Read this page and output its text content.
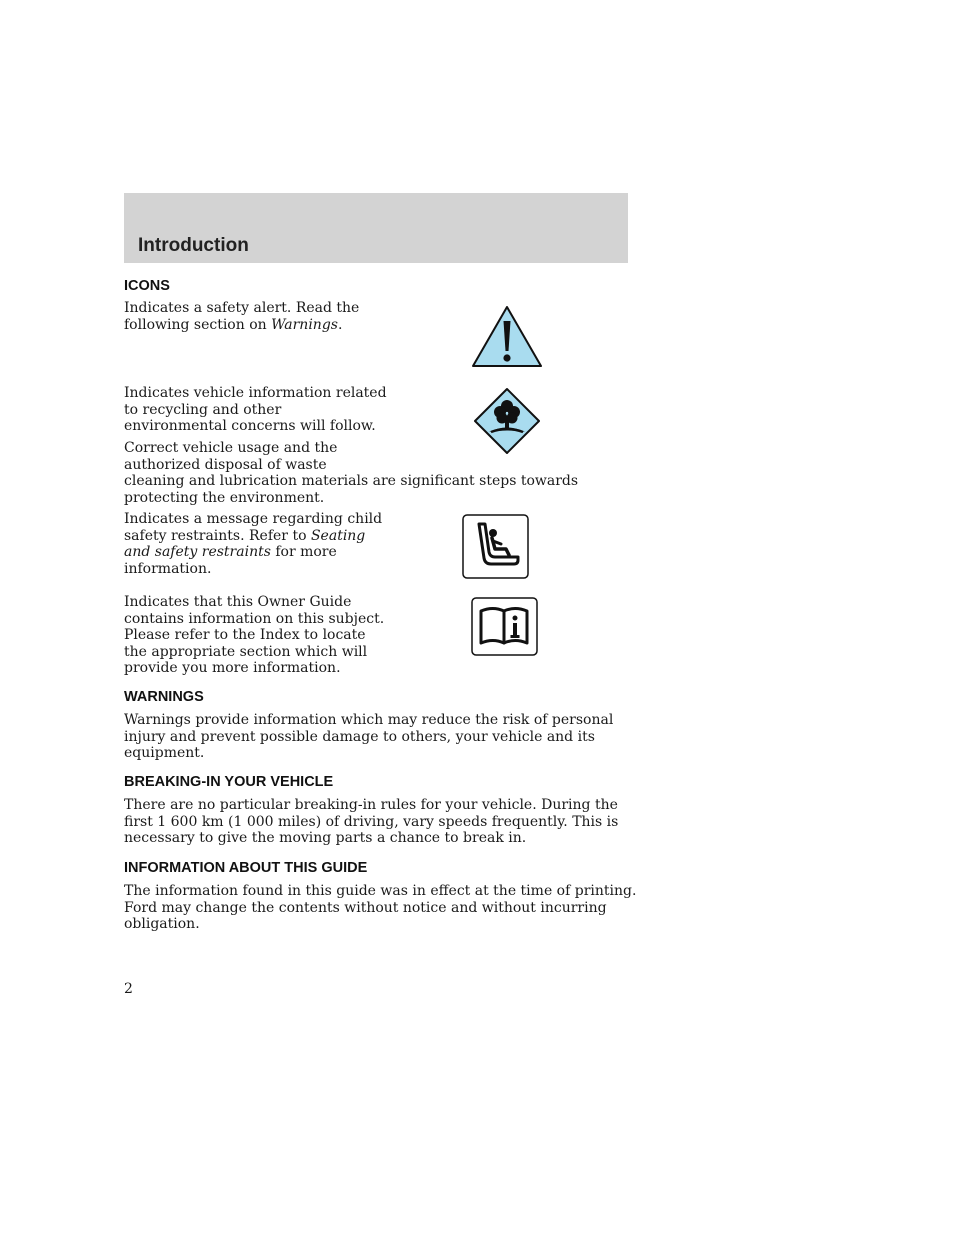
Introduction
ICONS

Indicates a safety alert. Read the
following section on Warnings.

Indicates vehicle information related
to recycling and other
environmental concerns will follow.

Correct vehicle usage and the
authorized disposal of waste
cleaning and lubrication materials are significant steps towards
protecting the environment.

Indicates a message regarding child
safety restraints. Refer to Seating
and safety restraints for more
information.

Indicates that this Owner Guide
contains information on this subject.
Please refer to the Index to locate
the appropriate section which will
provide you more information.

WARNINGS

Warnings provide information which may reduce the risk of personal
injury and prevent possible damage to others, your vehicle and its
equipment.

BREAKING-IN YOUR VEHICLE

There are no particular breaking-in rules for your vehicle. During the
first 1 600 km (1 000 miles) of driving, vary speeds frequently. This is
necessary to give the moving parts a chance to break in.

INFORMATION ABOUT THIS GUIDE

The information found in this guide was in effect at the time of printing.
Ford may change the contents without notice and without incurring
obligation.

2
